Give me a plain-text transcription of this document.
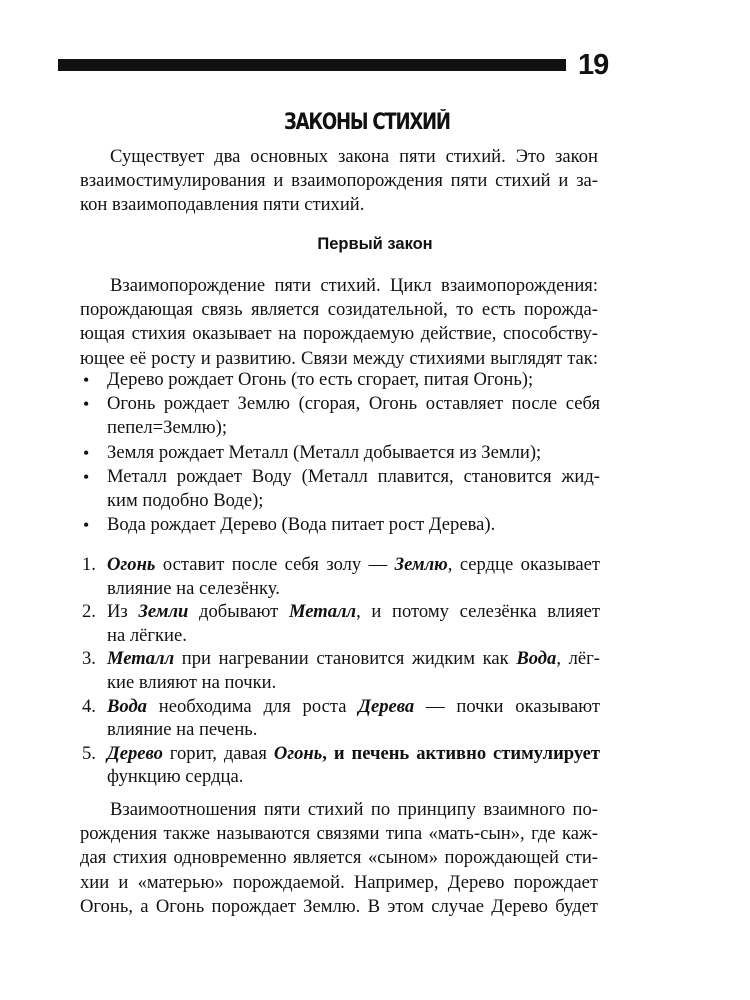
19
ЗАКОНЫ СТИХИЙ
Существует два основных закона пяти стихий. Это закон
взаимостимулирования и взаимопорождения пяти стихий и за-
кон взаимоподавления пяти стихий.
Первый закон
Взаимопорождение пяти стихий. Цикл взаимопорождения:
порождающая связь является созидательной, то есть порожда-
ющая стихия оказывает на порождаемую действие, способству-
ющее её росту и развитию. Связи между стихиями выглядят так:
• Дерево рождает Огонь (то есть сгорает, питая Огонь);
• Огонь рождает Землю (сгорая, Огонь оставляет после себя
пепел=Землю);
• Земля рождает Металл (Металл добывается из Земли);
• Металл рождает Воду (Металл плавится, становится жид-
ким подобно Воде);
• Вода рождает Дерево (Вода питает рост Дерева).
1. Огонь оставит после себя золу — Землю, сердце оказывает
влияние на селезёнку.
2. Из Земли добывают Металл, и потому селезёнка влияет
на лёгкие.
3. Металл при нагревании становится жидким как Вода, лёг-
кие влияют на почки.
4. Вода необходима для роста Дерева — почки оказывают
влияние на печень.
5. Дерево горит, давая Огонь, и печень активно стимулирует
функцию сердца.
Взаимоотношения пяти стихий по принципу взаимного по-
рождения также называются связями типа «мать-сын», где каж-
дая стихия одновременно является «сыном» порождающей сти-
хии и «матерью» порождаемой. Например, Дерево порождает
Огонь, а Огонь порождает Землю. В этом случае Дерево будет
